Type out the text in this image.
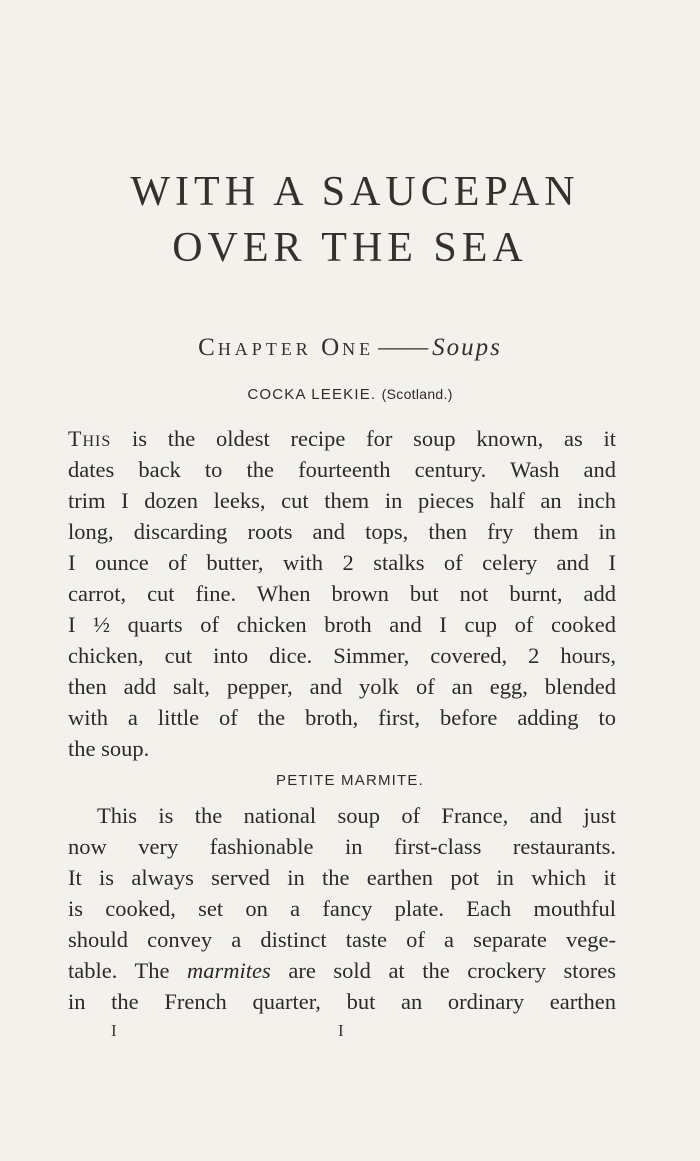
WITH A SAUCEPAN
OVER THE SEA
CHAPTER ONE —— Soups
COCKA LEEKIE. (Scotland.)
THIS is the oldest recipe for soup known, as it
dates back to the fourteenth century. Wash and
trim I dozen leeks, cut them in pieces half an inch
long, discarding roots and tops, then fry them in
I ounce of butter, with 2 stalks of celery and I
carrot, cut fine. When brown but not burnt, add
I ½ quarts of chicken broth and I cup of cooked
chicken, cut into dice. Simmer, covered, 2 hours,
then add salt, pepper, and yolk of an egg, blended
with a little of the broth, first, before adding to
the soup.
PETITE MARMITE.
This is the national soup of France, and just
now very fashionable in first-class restaurants.
It is always served in the earthen pot in which it
is cooked, set on a fancy plate. Each mouthful
should convey a distinct taste of a separate vege-
table. The marmites are sold at the crockery stores
in the French quarter, but an ordinary earthen
I	I
